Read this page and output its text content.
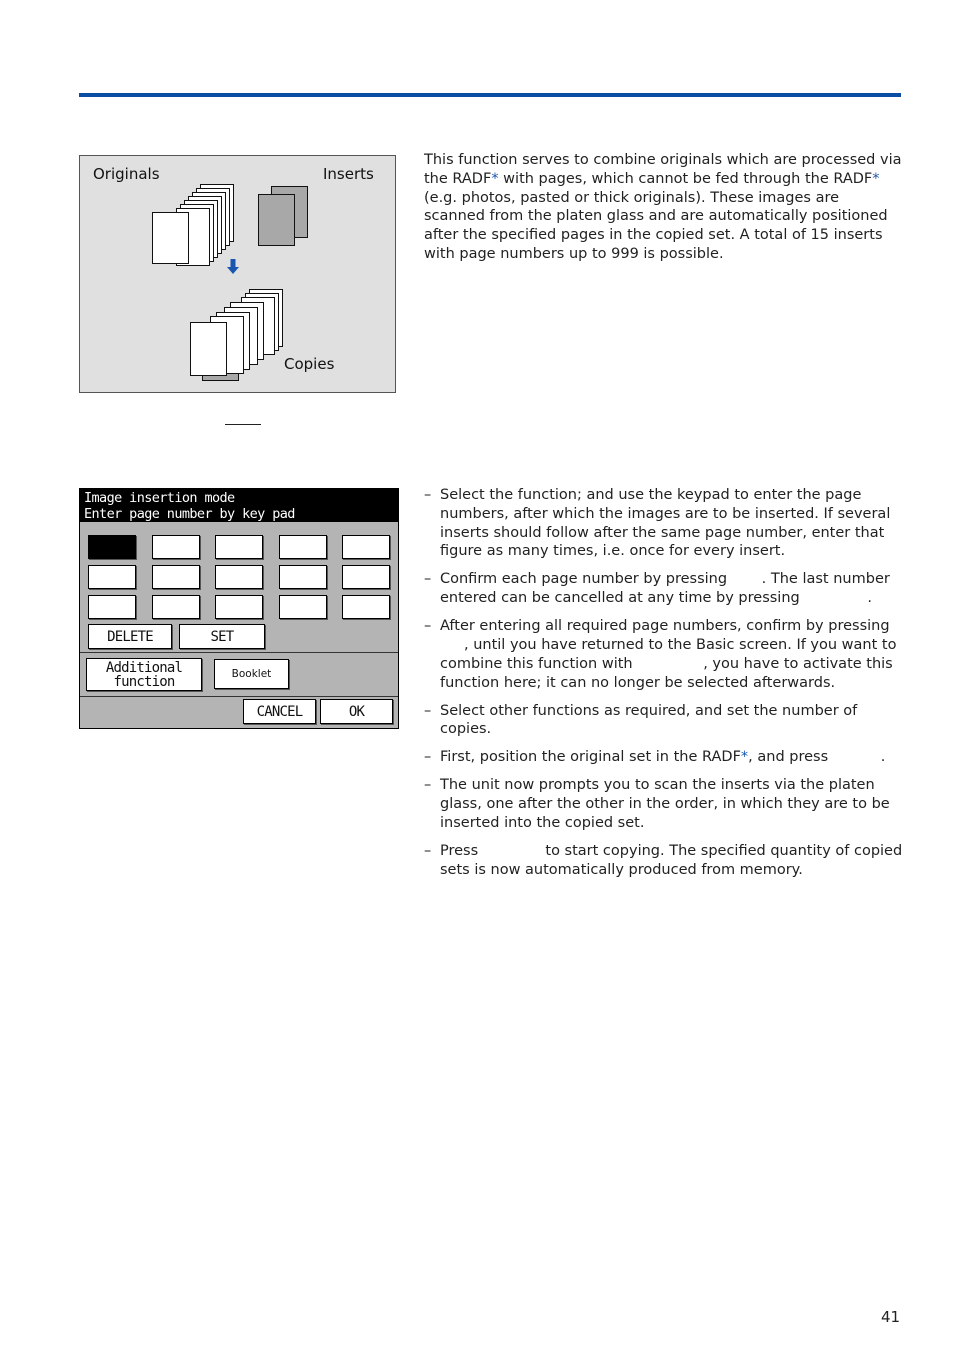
Originals	Inserts
Copies

This function serves to combine originals which are processed via the RADF* with pages, which cannot be fed through the RADF* (e.g. photos, pasted or thick originals). These images are scanned from the platen glass and are automatically positioned after the specified pages in the copied set. A total of 15 inserts with page numbers up to 999 is possible.

Image insertion mode
Enter page number by key pad
DELETE	SET
Additional
function	Booklet
CANCEL	OK
– Select the function; and use the keypad to enter the page numbers, after which the images are to be inserted. If several inserts should follow after the same page number, enter that figure as many times, i.e. once for every insert.
– Confirm each page number by pressing . The last number entered can be cancelled at any time by pressing	.
– After entering all required page numbers, confirm by pressing , until you have returned to the Basic screen. If you want to combine this function with	, you have to activate this function here; it can no longer be selected afterwards.
– Select other functions as required, and set the number of copies.
– First, position the original set in the RADF*, and press	.
– The unit now prompts you to scan the inserts via the platen glass, one after the other in the order, in which they are to be inserted into the copied set.
– Press	to start copying. The specified quantity of copied sets is now automatically produced from memory.
41
